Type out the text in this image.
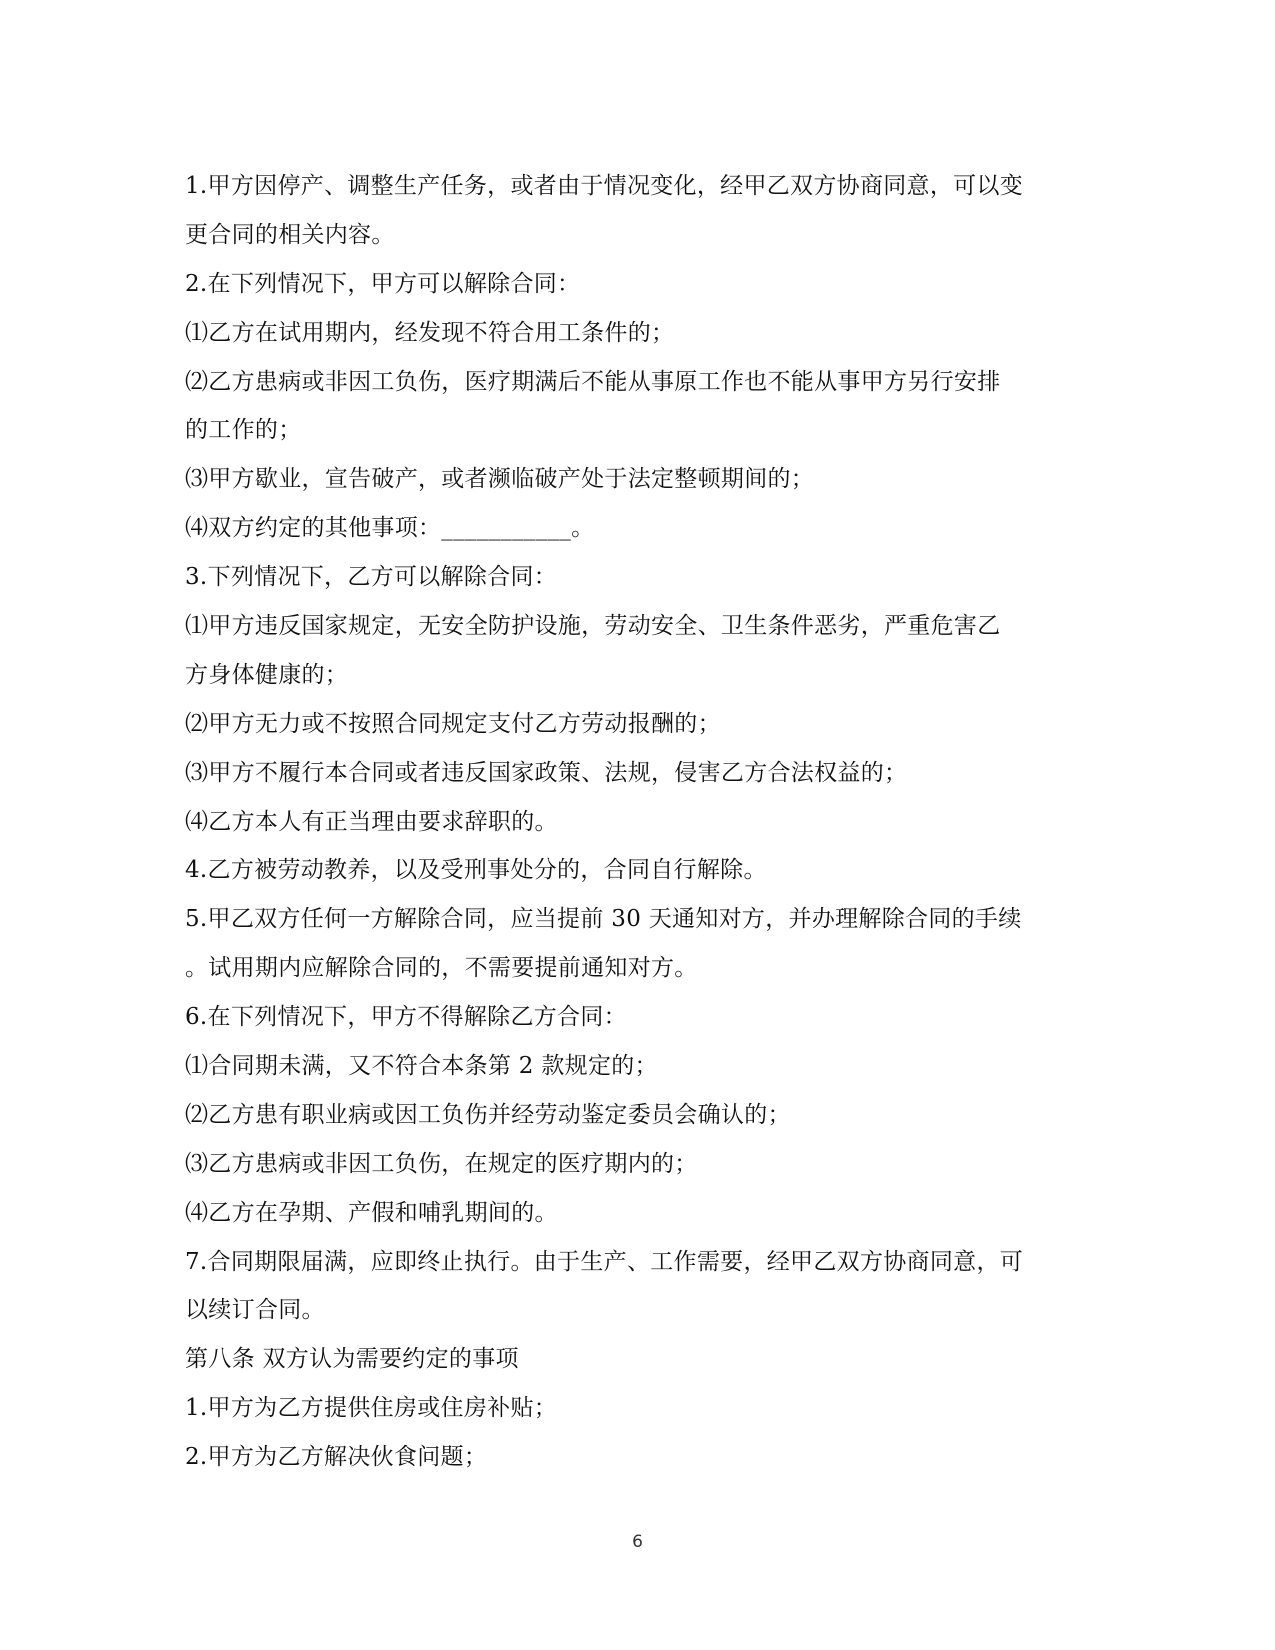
1.甲方因停产、调整生产任务，或者由于情况变化，经甲乙双方协商同意，可以变
更合同的相关内容。
2.在下列情况下，甲方可以解除合同：
⑴乙方在试用期内，经发现不符合用工条件的；
⑵乙方患病或非因工负伤，医疗期满后不能从事原工作也不能从事甲方另行安排
的工作的；
⑶甲方歇业，宣告破产，或者濒临破产处于法定整顿期间的；
⑷双方约定的其他事项：___________。
3.下列情况下，乙方可以解除合同：
⑴甲方违反国家规定，无安全防护设施，劳动安全、卫生条件恶劣，严重危害乙
方身体健康的；
⑵甲方无力或不按照合同规定支付乙方劳动报酬的；
⑶甲方不履行本合同或者违反国家政策、法规，侵害乙方合法权益的；
⑷乙方本人有正当理由要求辞职的。
4.乙方被劳动教养，以及受刑事处分的，合同自行解除。
5.甲乙双方任何一方解除合同，应当提前 30 天通知对方，并办理解除合同的手续
。试用期内应解除合同的，不需要提前通知对方。
6.在下列情况下，甲方不得解除乙方合同：
⑴合同期未满，又不符合本条第 2 款规定的；
⑵乙方患有职业病或因工负伤并经劳动鉴定委员会确认的；
⑶乙方患病或非因工负伤，在规定的医疗期内的；
⑷乙方在孕期、产假和哺乳期间的。
7.合同期限届满，应即终止执行。由于生产、工作需要，经甲乙双方协商同意，可
以续订合同。
第八条 双方认为需要约定的事项
1.甲方为乙方提供住房或住房补贴；
2.甲方为乙方解决伙食问题；
6
